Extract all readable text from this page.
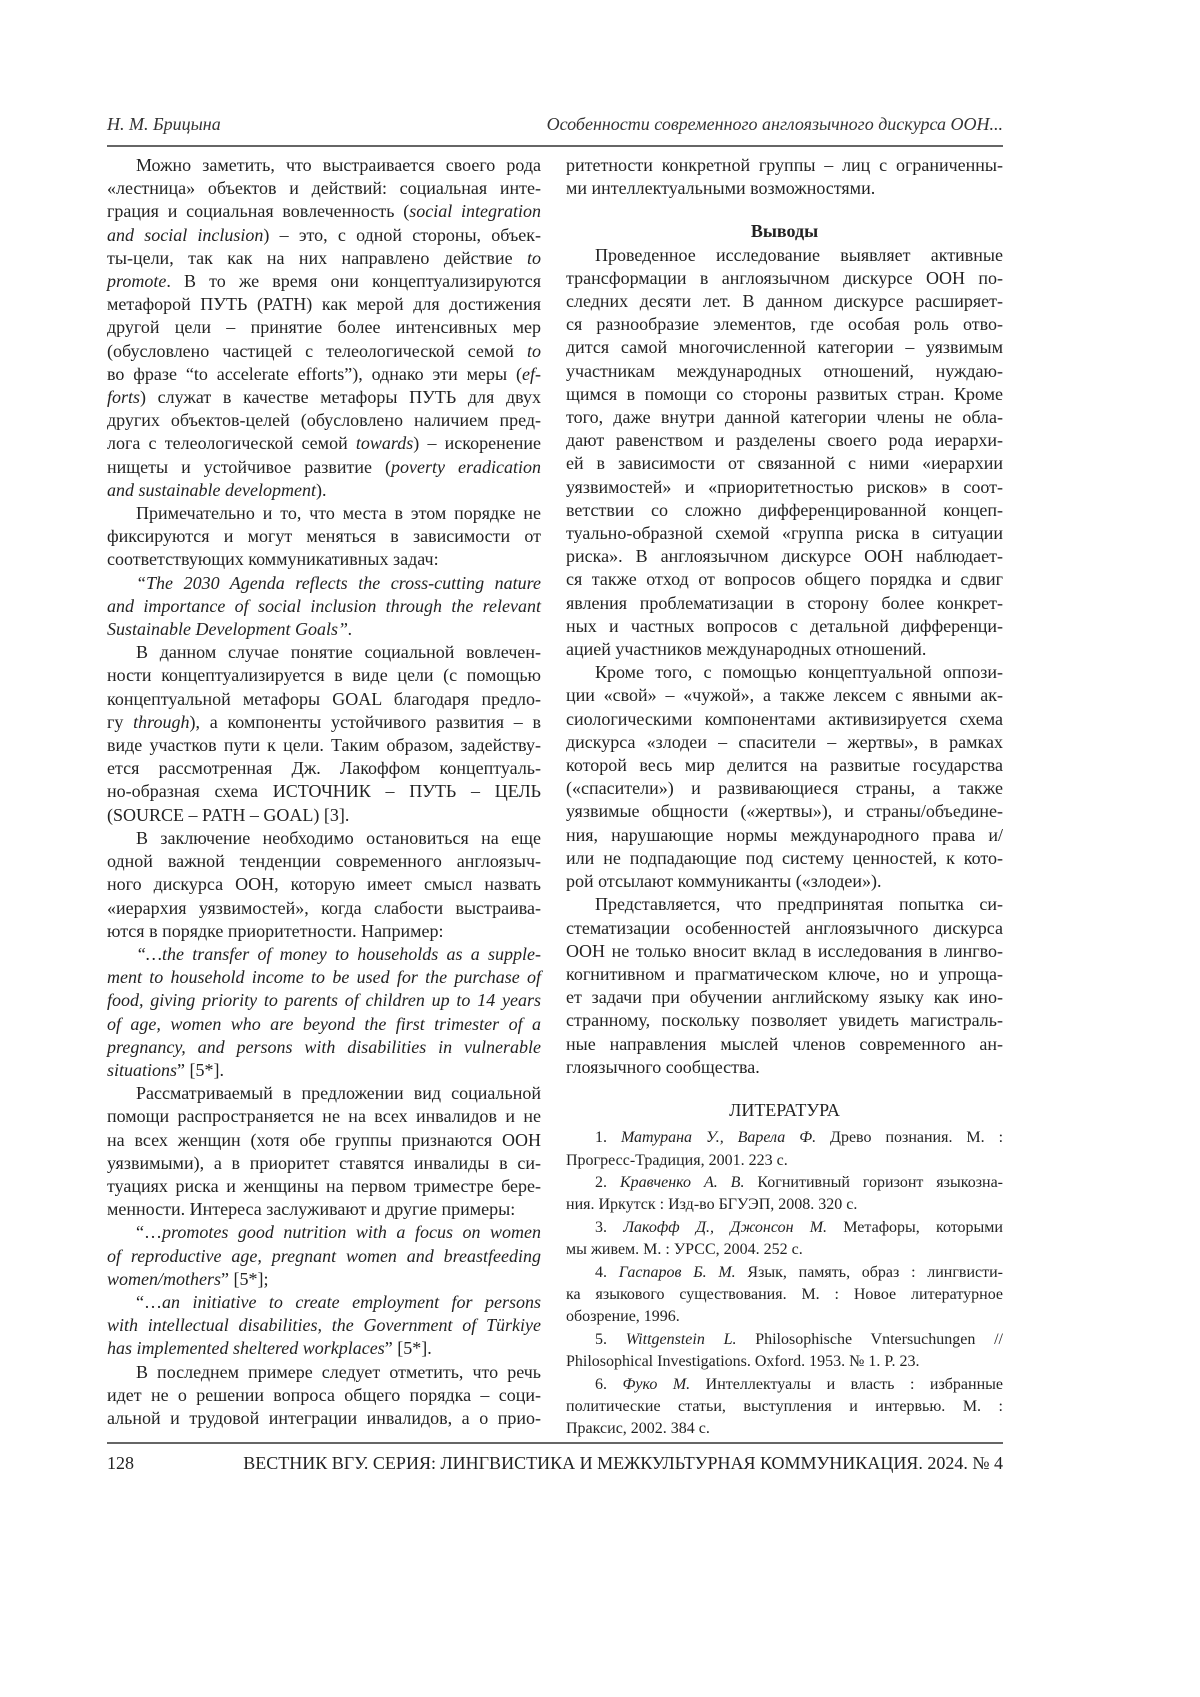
Н. М. Брицына	Особенности современного англоязычного дискурса ООН...
Можно заметить, что выстраивается своего рода
«лестница» объектов и действий: социальная инте-
грация и социальная вовлеченность (social integration
and social inclusion) – это, с одной стороны, объек-
ты-цели, так как на них направлено действие to
promote. В то же время они концептуализируются
метафорой ПУТЬ (PATH) как мерой для достижения
другой цели – принятие более интенсивных мер
(обусловлено частицей с телеологической семой to
во фразе “to accelerate efforts”), однако эти меры (ef-
forts) служат в качестве метафоры ПУТЬ для двух
других объектов-целей (обусловлено наличием пред-
лога с телеологической семой towards) – искоренение
нищеты и устойчивое развитие (poverty eradication
and sustainable development).
Примечательно и то, что места в этом порядке не
фиксируются и могут меняться в зависимости от
соответствующих коммуникативных задач:
“The 2030 Agenda reflects the cross-cutting nature
and importance of social inclusion through the relevant
Sustainable Development Goals”.
В данном случае понятие социальной вовлечен-
ности концептуализируется в виде цели (с помощью
концептуальной метафоры GOAL благодаря предло-
гу through), а компоненты устойчивого развития – в
виде участков пути к цели. Таким образом, задейству-
ется рассмотренная Дж. Лакоффом концептуаль-
но-образная схема ИСТОЧНИК – ПУТЬ – ЦЕЛЬ
(SOURCE – PATH – GOAL) [3].
В заключение необходимо остановиться на еще
одной важной тенденции современного англоязыч-
ного дискурса ООН, которую имеет смысл назвать
«иерархия уязвимостей», когда слабости выстраива-
ются в порядке приоритетности. Например:
“…the transfer of money to households as a supple-
ment to household income to be used for the purchase of
food, giving priority to parents of children up to 14 years
of age, women who are beyond the first trimester of a
pregnancy, and persons with disabilities in vulnerable
situations” [5*].
Рассматриваемый в предложении вид социальной
помощи распространяется не на всех инвалидов и не
на всех женщин (хотя обе группы признаются ООН
уязвимыми), а в приоритет ставятся инвалиды в си-
туациях риска и женщины на первом триместре бере-
менности. Интереса заслуживают и другие примеры:
“…promotes good nutrition with a focus on women
of reproductive age, pregnant women and breastfeeding
women/mothers” [5*];
“…an initiative to create employment for persons
with intellectual disabilities, the Government of Türkiye
has implemented sheltered workplaces” [5*].
В последнем примере следует отметить, что речь
идет не о решении вопроса общего порядка – соци-
альной и трудовой интеграции инвалидов, а о прио-
ритетности конкретной группы – лиц с ограниченны-
ми интеллектуальными возможностями.
Выводы
Проведенное исследование выявляет активные
трансформации в англоязычном дискурсе ООН по-
следних десяти лет. В данном дискурсе расширяет-
ся разнообразие элементов, где особая роль отво-
дится самой многочисленной категории – уязвимым
участникам международных отношений, нуждаю-
щимся в помощи со стороны развитых стран. Кроме
того, даже внутри данной категории члены не обла-
дают равенством и разделены своего рода иерархи-
ей в зависимости от связанной с ними «иерархии
уязвимостей» и «приоритетностью рисков» в соот-
ветствии со сложно дифференцированной концеп-
туально-образной схемой «группа риска в ситуации
риска». В англоязычном дискурсе ООН наблюдает-
ся также отход от вопросов общего порядка и сдвиг
явления проблематизации в сторону более конкрет-
ных и частных вопросов с детальной дифференци-
ацией участников международных отношений.
Кроме того, с помощью концептуальной оппози-
ции «свой» – «чужой», а также лексем с явными ак-
сиологическими компонентами активизируется схема
дискурса «злодеи – спасители – жертвы», в рамках
которой весь мир делится на развитые государства
(«спасители») и развивающиеся страны, а также
уязвимые общности («жертвы»), и страны/объедине-
ния, нарушающие нормы международного права и/
или не подпадающие под систему ценностей, к кото-
рой отсылают коммуниканты («злодеи»).
Представляется, что предпринятая попытка си-
стематизации особенностей англоязычного дискурса
ООН не только вносит вклад в исследования в лингво-
когнитивном и прагматическом ключе, но и упроща-
ет задачи при обучении английскому языку как ино-
странному, поскольку позволяет увидеть магистраль-
ные направления мыслей членов современного ан-
глоязычного сообщества.
ЛИТЕРАТУРА
1. Матурана У., Варела Ф. Древо познания. М. :
Прогресс-Традиция, 2001. 223 с.
2. Кравченко А. В. Когнитивный горизонт языкозна-
ния. Иркутск : Изд-во БГУЭП, 2008. 320 с.
3. Лакофф Д., Джонсон М. Метафоры, которыми
мы живем. М. : УРСС, 2004. 252 с.
4. Гаспаров Б. М. Язык, память, образ : лингвисти-
ка языкового существования. М. : Новое литературное
обозрение, 1996.
5. Wittgenstein L. Philosophische Vntersuchungen //
Philosophical Investigations. Oxford. 1953. № 1. P. 23.
6. Фуко М. Интеллектуалы и власть : избранные
политические статьи, выступления и интервью. М. :
Праксис, 2002. 384 с.
128	ВЕСТНИК ВГУ. СЕРИЯ: ЛИНГВИСТИКА И МЕЖКУЛЬТУРНАЯ КОММУНИКАЦИЯ. 2024. № 4
